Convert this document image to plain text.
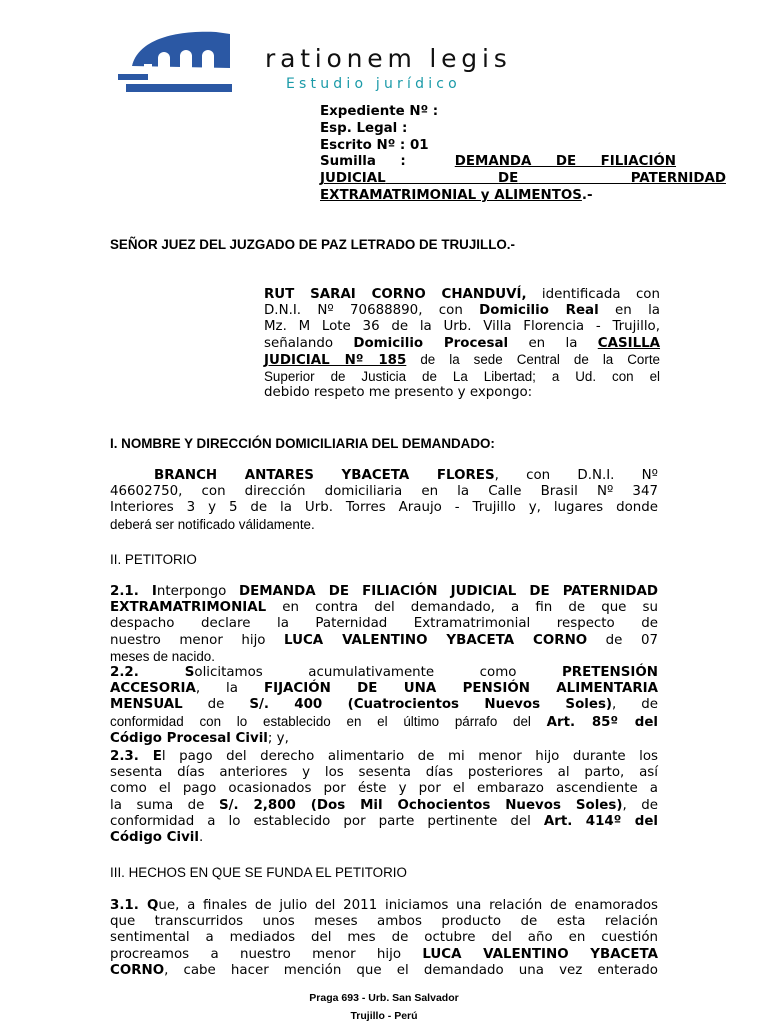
rationem legis
Estudio jurídico
Expediente Nº :
Esp. Legal :
Escrito Nº : 01
Sumilla :	DEMANDA DE FILIACIÓN
JUDICIAL	DE	PATERNIDAD
EXTRAMATRIMONIAL y ALIMENTOS.-
SEÑOR JUEZ DEL JUZGADO DE PAZ LETRADO DE TRUJILLO.-
RUT SARAI CORNO CHANDUVÍ, identificada con
D.N.I. Nº 70688890, con Domicilio Real en la
Mz. M Lote 36 de la Urb. Villa Florencia - Trujillo,
señalando Domicilio Procesal en la CASILLA
JUDICIAL Nº 185 de la sede Central de la Corte
Superior de Justicia de La Libertad; a Ud. con el
debido respeto me presento y expongo:
I. NOMBRE Y DIRECCIÓN DOMICILIARIA DEL DEMANDADO:
BRANCH ANTARES YBACETA FLORES, con D.N.I. Nº
46602750, con dirección domiciliaria en la Calle Brasil Nº 347
Interiores 3 y 5 de la Urb. Torres Araujo - Trujillo y, lugares donde
deberá ser notificado válidamente.
II. PETITORIO
2.1. Interpongo DEMANDA DE FILIACIÓN JUDICIAL DE PATERNIDAD
EXTRAMATRIMONIAL en contra del demandado, a fin de que su
despacho declare la Paternidad Extramatrimonial respecto de
nuestro menor hijo LUCA VALENTINO YBACETA CORNO de 07
meses de nacido.
2.2. Solicitamos	acumulativamente	como	PRETENSIÓN
ACCESORIA, la FIJACIÓN DE UNA PENSIÓN ALIMENTARIA
MENSUAL de S/. 400 (Cuatrocientos Nuevos Soles), de
conformidad con lo establecido en el último párrafo del Art. 85º del
Código Procesal Civil; y,
2.3. El pago del derecho alimentario de mi menor hijo durante los
sesenta días anteriores y los sesenta días posteriores al parto, así
como el pago ocasionados por éste y por el embarazo ascendiente a
la suma de S/. 2,800 (Dos Mil Ochocientos Nuevos Soles), de
conformidad a lo establecido por parte pertinente del Art. 414º del
Código Civil.
III. HECHOS EN QUE SE FUNDA EL PETITORIO
3.1. Que, a finales de julio del 2011 iniciamos una relación de enamorados
que transcurridos unos meses ambos producto de esta relación
sentimental a mediados del mes de octubre del año en cuestión
procreamos a nuestro menor hijo LUCA VALENTINO YBACETA
CORNO, cabe hacer mención que el demandado una vez enterado
Praga 693 - Urb. San Salvador
Trujillo - Perú
